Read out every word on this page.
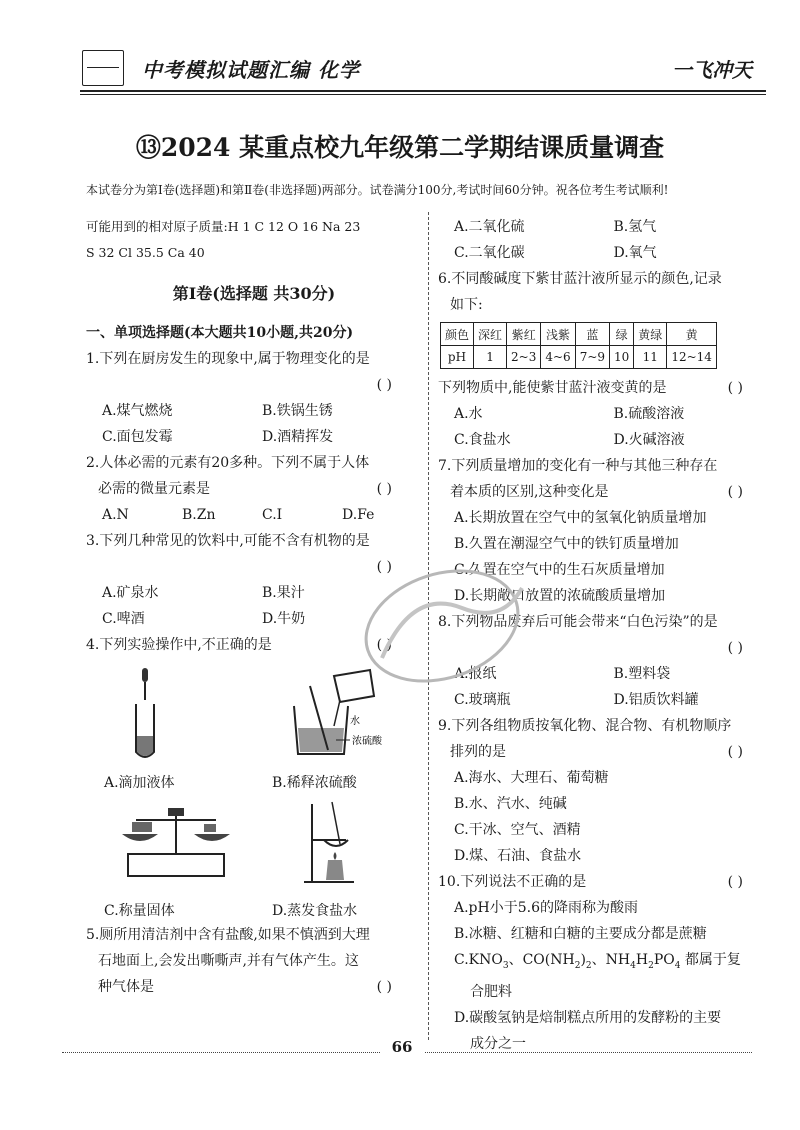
中考模拟试题汇编 化学	一飞冲天
⑬2024 某重点校九年级第二学期结课质量调查
本试卷分为第Ⅰ卷(选择题)和第Ⅱ卷(非选择题)两部分。试卷满分100分,考试时间60分钟。祝各位考生考试顺利!
可能用到的相对原子质量:H 1 C 12 O 16 Na 23
S 32 Cl 35.5 Ca 40
第Ⅰ卷(选择题 共30分)
一、单项选择题(本大题共10小题,共20分)
1.下列在厨房发生的现象中,属于物理变化的是
( )

A.煤气燃烧	B.铁锅生锈
C.面包发霉	D.酒精挥发
2.人体必需的元素有20多种。下列不属于人体
必需的微量元素是	( )
A.N	B.Zn	C.I	D.Fe
3.下列几种常见的饮料中,可能不含有机物的是
( )

A.矿泉水	B.果汁
C.啤酒	D.牛奶
4.下列实验操作中,不正确的是	( )
A.滴加液体
水
浓硫酸
B.稀释浓硫酸
C.称量固体	D.蒸发食盐水
5.厕所用清洁剂中含有盐酸,如果不慎洒到大理
石地面上,会发出嘶嘶声,并有气体产生。这
种气体是	( )
A.二氧化硫	B.氢气
C.二氧化碳	D.氧气
6.不同酸碱度下紫甘蓝汁液所显示的颜色,记录
如下:
颜色	深红	紫红	浅紫	蓝	绿	黄绿	黄
pH	1	2~3	4~6	7~9	10	11	12~14
下列物质中,能使紫甘蓝汁液变黄的是	( )
A.水	B.硫酸溶液
C.食盐水	D.火碱溶液
7.下列质量增加的变化有一种与其他三种存在
着本质的区别,这种变化是	( )
A.长期放置在空气中的氢氧化钠质量增加
B.久置在潮湿空气中的铁钉质量增加
C.久置在空气中的生石灰质量增加
D.长期敞口放置的浓硫酸质量增加
8.下列物品废弃后可能会带来“白色污染”的是
( )

A.报纸	B.塑料袋
C.玻璃瓶	D.铝质饮料罐
9.下列各组物质按氧化物、混合物、有机物顺序
排列的是	( )
A.海水、大理石、葡萄糖
B.水、汽水、纯碱
C.干冰、空气、酒精
D.煤、石油、食盐水
10.下列说法不正确的是	( )
A.pH小于5.6的降雨称为酸雨
B.冰糖、红糖和白糖的主要成分都是蔗糖
$C.KNO_3$、$CO(NH_2)_2$、$NH_4H_2PO_4$ 都属于复
合肥料
D.碳酸氢钠是焙制糕点所用的发酵粉的主要
成分之一
66
